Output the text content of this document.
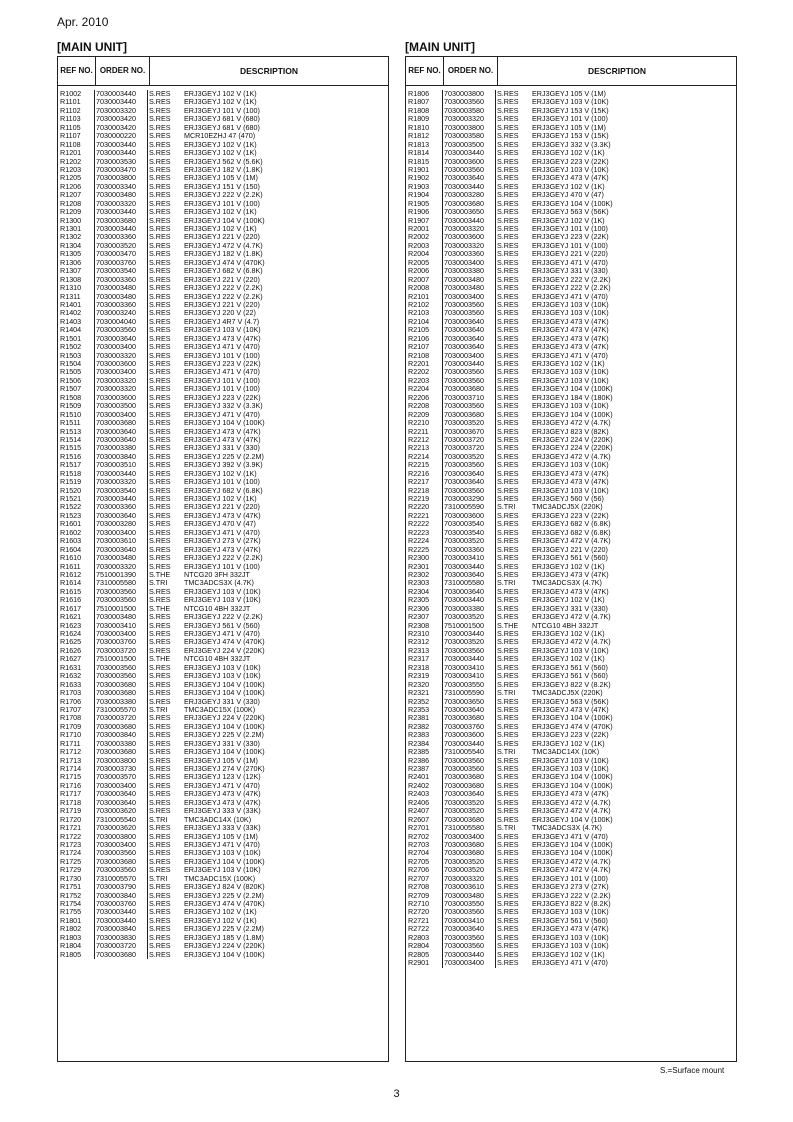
Apr. 2010
[MAIN UNIT]	[MAIN UNIT]
REF NO. ORDER NO.	DESCRIPTION
R1002	7030003440	S.RES	ERJ3GEYJ 102 V (1K)
R1101	7030003440	S.RES	ERJ3GEYJ 102 V (1K)
R1102	7030003320	S.RES	ERJ3GEYJ 101 V (100)
R1103	7030003420	S.RES	ERJ3GEYJ 681 V (680)
R1105	7030003420	S.RES	ERJ3GEYJ 681 V (680)
R1107	7030000220	S.RES	MCR10EZHJ 47 (470)
R1108	7030003440	S.RES	ERJ3GEYJ 102 V (1K)
R1201	7030003440	S.RES	ERJ3GEYJ 102 V (1K)
R1202	7030003530	S.RES	ERJ3GEYJ 562 V (5.6K)
R1203	7030003470	S.RES	ERJ3GEYJ 182 V (1.8K)
R1205	7030003800	S.RES	ERJ3GEYJ 105 V (1M)
R1206	7030003340	S.RES	ERJ3GEYJ 151 V (150)
R1207	7030003480	S.RES	ERJ3GEYJ 222 V (2.2K)
R1208	7030003320	S.RES	ERJ3GEYJ 101 V (100)
R1209	7030003440	S.RES	ERJ3GEYJ 102 V (1K)
R1300	7030003680	S.RES	ERJ3GEYJ 104 V (100K)
R1301	7030003440	S.RES	ERJ3GEYJ 102 V (1K)
R1302	7030003360	S.RES	ERJ3GEYJ 221 V (220)
R1304	7030003520	S.RES	ERJ3GEYJ 472 V (4.7K)
R1305	7030003470	S.RES	ERJ3GEYJ 182 V (1.8K)
R1306	7030003760	S.RES	ERJ3GEYJ 474 V (470K)
R1307	7030003540	S.RES	ERJ3GEYJ 682 V (6.8K)
R1308	7030003360	S.RES	ERJ3GEYJ 221 V (220)
R1310	7030003480	S.RES	ERJ3GEYJ 222 V (2.2K)
R1311	7030003480	S.RES	ERJ3GEYJ 222 V (2.2K)
R1401	7030003360	S.RES	ERJ3GEYJ 221 V (220)
R1402	7030003240	S.RES	ERJ3GEYJ 220 V (22)
R1403	7030004040	S.RES	ERJ3GEYJ 4R7 V (4.7)
R1404	7030003560	S.RES	ERJ3GEYJ 103 V (10K)
R1501	7030003640	S.RES	ERJ3GEYJ 473 V (47K)
R1502	7030003400	S.RES	ERJ3GEYJ 471 V (470)
R1503	7030003320	S.RES	ERJ3GEYJ 101 V (100)
R1504	7030003600	S.RES	ERJ3GEYJ 223 V (22K)
R1505	7030003400	S.RES	ERJ3GEYJ 471 V (470)
R1506	7030003320	S.RES	ERJ3GEYJ 101 V (100)
R1507	7030003320	S.RES	ERJ3GEYJ 101 V (100)
R1508	7030003600	S.RES	ERJ3GEYJ 223 V (22K)
R1509	7030003500	S.RES	ERJ3GEYJ 332 V (3.3K)
R1510	7030003400	S.RES	ERJ3GEYJ 471 V (470)
R1511	7030003680	S.RES	ERJ3GEYJ 104 V (100K)
R1513	7030003640	S.RES	ERJ3GEYJ 473 V (47K)
R1514	7030003640	S.RES	ERJ3GEYJ 473 V (47K)
R1515	7030003380	S.RES	ERJ3GEYJ 331 V (330)
R1516	7030003840	S.RES	ERJ3GEYJ 225 V (2.2M)
R1517	7030003510	S.RES	ERJ3GEYJ 392 V (3.9K)
R1518	7030003440	S.RES	ERJ3GEYJ 102 V (1K)
R1519	7030003320	S.RES	ERJ3GEYJ 101 V (100)
R1520	7030003540	S.RES	ERJ3GEYJ 682 V (6.8K)
R1521	7030003440	S.RES	ERJ3GEYJ 102 V (1K)
R1522	7030003360	S.RES	ERJ3GEYJ 221 V (220)
R1523	7030003640	S.RES	ERJ3GEYJ 473 V (47K)
R1601	7030003280	S.RES	ERJ3GEYJ 470 V (47)
R1602	7030003400	S.RES	ERJ3GEYJ 471 V (470)
R1603	7030003610	S.RES	ERJ3GEYJ 273 V (27K)
R1604	7030003640	S.RES	ERJ3GEYJ 473 V (47K)
R1610	7030003480	S.RES	ERJ3GEYJ 222 V (2.2K)
R1611	7030003320	S.RES	ERJ3GEYJ 101 V (100)
R1612	7510001390	S.THE	NTCG20 3FH 332JT
R1614	7310005580	S.TRI	TMC3ADCS3X (4.7K)
R1615	7030003560	S.RES	ERJ3GEYJ 103 V (10K)
R1616	7030003560	S.RES	ERJ3GEYJ 103 V (10K)
R1617	7510001500	S.THE	NTCG10 4BH 332JT
R1621	7030003480	S.RES	ERJ3GEYJ 222 V (2.2K)
R1623	7030003410	S.RES	ERJ3GEYJ 561 V (560)
R1624	7030003400	S.RES	ERJ3GEYJ 471 V (470)
R1625	7030003760	S.RES	ERJ3GEYJ 474 V (470K)
R1626	7030003720	S.RES	ERJ3GEYJ 224 V (220K)
R1627	7510001500	S.THE	NTCG10 4BH 332JT
R1631	7030003560	S.RES	ERJ3GEYJ 103 V (10K)
R1632	7030003560	S.RES	ERJ3GEYJ 103 V (10K)
R1633	7030003680	S.RES	ERJ3GEYJ 104 V (100K)
R1703	7030003680	S.RES	ERJ3GEYJ 104 V (100K)
R1706	7030003380	S.RES	ERJ3GEYJ 331 V (330)
R1707	7310005570	S.TRI	TMC3ADC15X (100K)
R1708	7030003720	S.RES	ERJ3GEYJ 224 V (220K)
R1709	7030003680	S.RES	ERJ3GEYJ 104 V (100K)
R1710	7030003840	S.RES	ERJ3GEYJ 225 V (2.2M)
R1711	7030003380	S.RES	ERJ3GEYJ 331 V (330)
R1712	7030003680	S.RES	ERJ3GEYJ 104 V (100K)
R1713	7030003800	S.RES	ERJ3GEYJ 105 V (1M)
R1714	7030003730	S.RES	ERJ3GEYJ 274 V (270K)
R1715	7030003570	S.RES	ERJ3GEYJ 123 V (12K)
R1716	7030003400	S.RES	ERJ3GEYJ 471 V (470)
R1717	7030003640	S.RES	ERJ3GEYJ 473 V (47K)
R1718	7030003640	S.RES	ERJ3GEYJ 473 V (47K)
R1719	7030003620	S.RES	ERJ3GEYJ 333 V (33K)
R1720	7310005540	S.TRI	TMC3ADC14X (10K)
R1721	7030003620	S.RES	ERJ3GEYJ 333 V (33K)
R1722	7030003800	S.RES	ERJ3GEYJ 105 V (1M)
R1723	7030003400	S.RES	ERJ3GEYJ 471 V (470)
R1724	7030003560	S.RES	ERJ3GEYJ 103 V (10K)
R1725	7030003680	S.RES	ERJ3GEYJ 104 V (100K)
R1729	7030003560	S.RES	ERJ3GEYJ 103 V (10K)
R1730	7310005570	S.TRI	TMC3ADC15X (100K)
R1751	7030003790	S.RES	ERJ3GEYJ 824 V (820K)
R1752	7030003840	S.RES	ERJ3GEYJ 225 V (2.2M)
R1754	7030003760	S.RES	ERJ3GEYJ 474 V (470K)
R1755	7030003440	S.RES	ERJ3GEYJ 102 V (1K)
R1801	7030003440	S.RES	ERJ3GEYJ 102 V (1K)
R1802	7030003840	S.RES	ERJ3GEYJ 225 V (2.2M)
R1803	7030003830	S.RES	ERJ3GEYJ 185 V (1.8M)
R1804	7030003720	S.RES	ERJ3GEYJ 224 V (220K)
R1805	7030003680	S.RES	ERJ3GEYJ 104 V (100K)
REF NO. ORDER NO.	DESCRIPTION
R1806	7030003800	S.RES	ERJ3GEYJ 105 V (1M)
R1807	7030003560	S.RES	ERJ3GEYJ 103 V (10K)
R1808	7030003580	S.RES	ERJ3GEYJ 153 V (15K)
R1809	7030003320	S.RES	ERJ3GEYJ 101 V (100)
R1810	7030003800	S.RES	ERJ3GEYJ 105 V (1M)
R1812	7030003580	S.RES	ERJ3GEYJ 153 V (15K)
R1813	7030003500	S.RES	ERJ3GEYJ 332 V (3.3K)
R1814	7030003440	S.RES	ERJ3GEYJ 102 V (1K)
R1815	7030003600	S.RES	ERJ3GEYJ 223 V (22K)
R1901	7030003560	S.RES	ERJ3GEYJ 103 V (10K)
R1902	7030003640	S.RES	ERJ3GEYJ 473 V (47K)
R1903	7030003440	S.RES	ERJ3GEYJ 102 V (1K)
R1904	7030003280	S.RES	ERJ3GEYJ 470 V (47)
R1905	7030003680	S.RES	ERJ3GEYJ 104 V (100K)
R1906	7030003650	S.RES	ERJ3GEYJ 563 V (56K)
R1907	7030003440	S.RES	ERJ3GEYJ 102 V (1K)
R2001	7030003320	S.RES	ERJ3GEYJ 101 V (100)
R2002	7030003600	S.RES	ERJ3GEYJ 223 V (22K)
R2003	7030003320	S.RES	ERJ3GEYJ 101 V (100)
R2004	7030003360	S.RES	ERJ3GEYJ 221 V (220)
R2005	7030003400	S.RES	ERJ3GEYJ 471 V (470)
R2006	7030003380	S.RES	ERJ3GEYJ 331 V (330)
R2007	7030003480	S.RES	ERJ3GEYJ 222 V (2.2K)
R2008	7030003480	S.RES	ERJ3GEYJ 222 V (2.2K)
R2101	7030003400	S.RES	ERJ3GEYJ 471 V (470)
R2102	7030003560	S.RES	ERJ3GEYJ 103 V (10K)
R2103	7030003560	S.RES	ERJ3GEYJ 103 V (10K)
R2104	7030003640	S.RES	ERJ3GEYJ 473 V (47K)
R2105	7030003640	S.RES	ERJ3GEYJ 473 V (47K)
R2106	7030003640	S.RES	ERJ3GEYJ 473 V (47K)
R2107	7030003640	S.RES	ERJ3GEYJ 473 V (47K)
R2108	7030003400	S.RES	ERJ3GEYJ 471 V (470)
R2201	7030003440	S.RES	ERJ3GEYJ 102 V (1K)
R2202	7030003560	S.RES	ERJ3GEYJ 103 V (10K)
R2203	7030003560	S.RES	ERJ3GEYJ 103 V (10K)
R2204	7030003680	S.RES	ERJ3GEYJ 104 V (100K)
R2206	7030003710	S.RES	ERJ3GEYJ 184 V (180K)
R2208	7030003560	S.RES	ERJ3GEYJ 103 V (10K)
R2209	7030003680	S.RES	ERJ3GEYJ 104 V (100K)
R2210	7030003520	S.RES	ERJ3GEYJ 472 V (4.7K)
R2211	7030003670	S.RES	ERJ3GEYJ 823 V (82K)
R2212	7030003720	S.RES	ERJ3GEYJ 224 V (220K)
R2213	7030003720	S.RES	ERJ3GEYJ 224 V (220K)
R2214	7030003520	S.RES	ERJ3GEYJ 472 V (4.7K)
R2215	7030003560	S.RES	ERJ3GEYJ 103 V (10K)
R2216	7030003640	S.RES	ERJ3GEYJ 473 V (47K)
R2217	7030003640	S.RES	ERJ3GEYJ 473 V (47K)
R2218	7030003560	S.RES	ERJ3GEYJ 103 V (10K)
R2219	7030003290	S.RES	ERJ3GEYJ 560 V (56)
R2220	7310005590	S.TRI	TMC3ADCJ5X (220K)
R2221	7030003600	S.RES	ERJ3GEYJ 223 V (22K)
R2222	7030003540	S.RES	ERJ3GEYJ 682 V (6.8K)
R2223	7030003540	S.RES	ERJ3GEYJ 682 V (6.8K)
R2224	7030003520	S.RES	ERJ3GEYJ 472 V (4.7K)
R2225	7030003360	S.RES	ERJ3GEYJ 221 V (220)
R2300	7030003410	S.RES	ERJ3GEYJ 561 V (560)
R2301	7030003440	S.RES	ERJ3GEYJ 102 V (1K)
R2302	7030003640	S.RES	ERJ3GEYJ 473 V (47K)
R2303	7310005580	S.TRI	TMC3ADCS3X (4.7K)
R2304	7030003640	S.RES	ERJ3GEYJ 473 V (47K)
R2305	7030003440	S.RES	ERJ3GEYJ 102 V (1K)
R2306	7030003380	S.RES	ERJ3GEYJ 331 V (330)
R2307	7030003520	S.RES	ERJ3GEYJ 472 V (4.7K)
R2308	7510001500	S.THE	NTCG10 4BH 332JT
R2310	7030003440	S.RES	ERJ3GEYJ 102 V (1K)
R2312	7030003520	S.RES	ERJ3GEYJ 472 V (4.7K)
R2313	7030003560	S.RES	ERJ3GEYJ 103 V (10K)
R2317	7030003440	S.RES	ERJ3GEYJ 102 V (1K)
R2318	7030003410	S.RES	ERJ3GEYJ 561 V (560)
R2319	7030003410	S.RES	ERJ3GEYJ 561 V (560)
R2320	7030003550	S.RES	ERJ3GEYJ 822 V (8.2K)
R2321	7310005590	S.TRI	TMC3ADCJ5X (220K)
R2352	7030003650	S.RES	ERJ3GEYJ 563 V (56K)
R2353	7030003640	S.RES	ERJ3GEYJ 473 V (47K)
R2381	7030003680	S.RES	ERJ3GEYJ 104 V (100K)
R2382	7030003760	S.RES	ERJ3GEYJ 474 V (470K)
R2383	7030003600	S.RES	ERJ3GEYJ 223 V (22K)
R2384	7030003440	S.RES	ERJ3GEYJ 102 V (1K)
R2385	7310005540	S.TRI	TMC3ADC14X (10K)
R2386	7030003560	S.RES	ERJ3GEYJ 103 V (10K)
R2387	7030003560	S.RES	ERJ3GEYJ 103 V (10K)
R2401	7030003680	S.RES	ERJ3GEYJ 104 V (100K)
R2402	7030003680	S.RES	ERJ3GEYJ 104 V (100K)
R2403	7030003640	S.RES	ERJ3GEYJ 473 V (47K)
R2406	7030003520	S.RES	ERJ3GEYJ 472 V (4.7K)
R2407	7030003520	S.RES	ERJ3GEYJ 472 V (4.7K)
R2607	7030003680	S.RES	ERJ3GEYJ 104 V (100K)
R2701	7310005580	S.TRI	TMC3ADCS3X (4.7K)
R2702	7030003400	S.RES	ERJ3GEYJ 471 V (470)
R2703	7030003680	S.RES	ERJ3GEYJ 104 V (100K)
R2704	7030003680	S.RES	ERJ3GEYJ 104 V (100K)
R2705	7030003520	S.RES	ERJ3GEYJ 472 V (4.7K)
R2706	7030003520	S.RES	ERJ3GEYJ 472 V (4.7K)
R2707	7030003320	S.RES	ERJ3GEYJ 101 V (100)
R2708	7030003610	S.RES	ERJ3GEYJ 273 V (27K)
R2709	7030003480	S.RES	ERJ3GEYJ 222 V (2.2K)
R2710	7030003550	S.RES	ERJ3GEYJ 822 V (8.2K)
R2720	7030003560	S.RES	ERJ3GEYJ 103 V (10K)
R2721	7030003410	S.RES	ERJ3GEYJ 561 V (560)
R2722	7030003640	S.RES	ERJ3GEYJ 473 V (47K)
R2803	7030003560	S.RES	ERJ3GEYJ 103 V (10K)
R2804	7030003560	S.RES	ERJ3GEYJ 103 V (10K)
R2805	7030003440	S.RES	ERJ3GEYJ 102 V (1K)
R2901	7030003400	S.RES	ERJ3GEYJ 471 V (470)
S.=Surface mount
3
